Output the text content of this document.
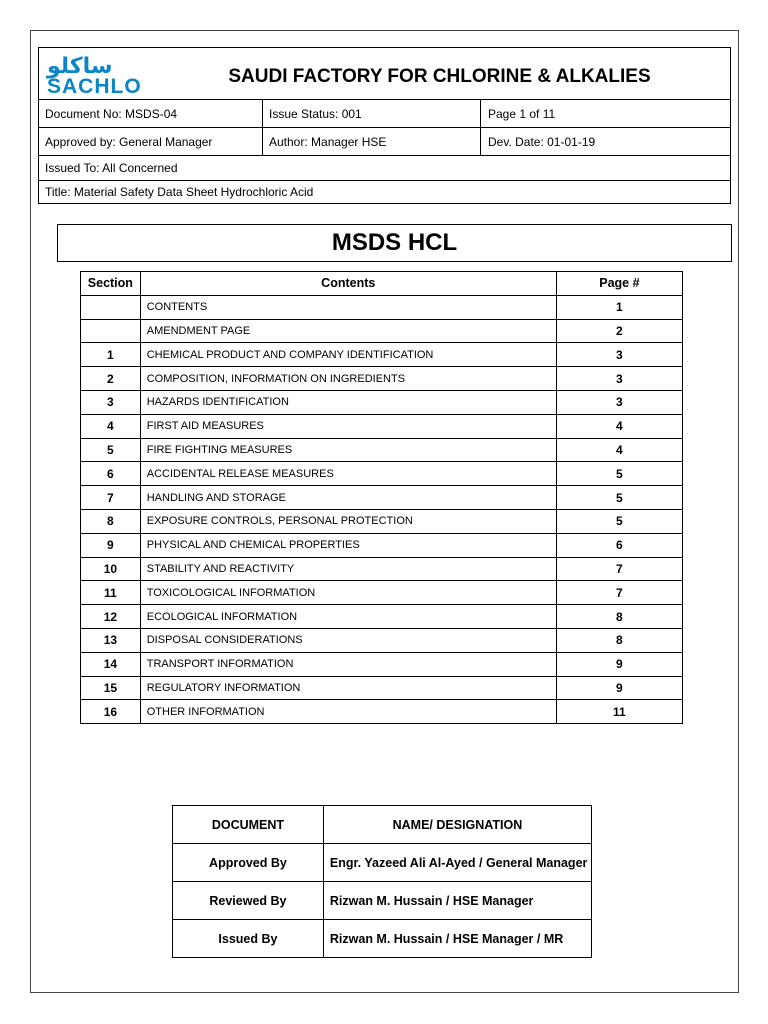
ساكلو
SACHLO	SAUDI FACTORY FOR CHLORINE & ALKALIES
Document No: MSDS-04	Issue Status: 001	Page 1 of 11
Approved by: General Manager	Author: Manager HSE	Dev. Date: 01-01-19
Issued To: All Concerned
Title: Material Safety Data Sheet Hydrochloric Acid
MSDS HCL
Section	Contents	Page #
	CONTENTS	1
	AMENDMENT PAGE	2
1	CHEMICAL PRODUCT AND COMPANY IDENTIFICATION	3
2	COMPOSITION, INFORMATION ON INGREDIENTS	3
3	HAZARDS IDENTIFICATION	3
4	FIRST AID MEASURES	4
5	FIRE FIGHTING MEASURES	4
6	ACCIDENTAL RELEASE MEASURES	5
7	HANDLING AND STORAGE	5
8	EXPOSURE CONTROLS, PERSONAL PROTECTION	5
9	PHYSICAL AND CHEMICAL PROPERTIES	6
10	STABILITY AND REACTIVITY	7
11	TOXICOLOGICAL INFORMATION	7
12	ECOLOGICAL INFORMATION	8
13	DISPOSAL CONSIDERATIONS	8
14	TRANSPORT INFORMATION	9
15	REGULATORY INFORMATION	9
16	OTHER INFORMATION	11
DOCUMENT	NAME/ DESIGNATION
Approved By	Engr. Yazeed Ali Al-Ayed / General Manager
Reviewed By	Rizwan M. Hussain / HSE Manager
Issued By	Rizwan M. Hussain / HSE Manager / MR
